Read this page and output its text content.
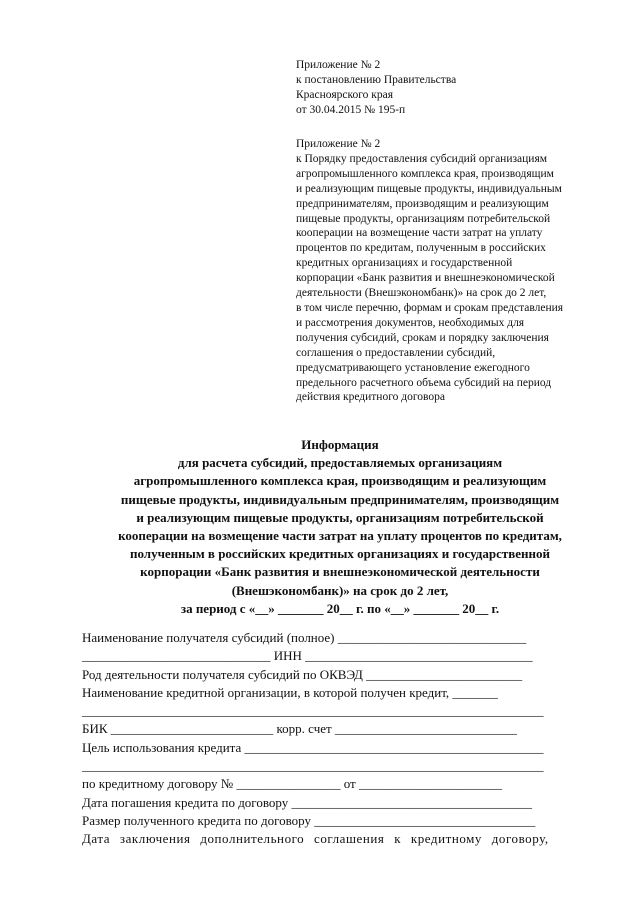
Приложение № 2
к постановлению Правительства
Красноярского края
от 30.04.2015 № 195-п
Приложение № 2
к Порядку предоставления субсидий организациям
агропромышленного комплекса края, производящим
и реализующим пищевые продукты, индивидуальным
предпринимателям, производящим и реализующим
пищевые продукты, организациям потребительской
кооперации на возмещение части затрат на уплату
процентов по кредитам, полученным в российских
кредитных организациях и государственной
корпорации «Банк развития и внешнеэкономической
деятельности (Внешэкономбанк)» на срок до 2 лет,
в том числе перечню, формам и срокам представления
и рассмотрения документов, необходимых для
получения субсидий, срокам и порядку заключения
соглашения о предоставлении субсидий,
предусматривающего установление ежегодного
предельного расчетного объема субсидий на период
действия кредитного договора
Информация
для расчета субсидий, предоставляемых организациям
агропромышленного комплекса края, производящим и реализующим
пищевые продукты, индивидуальным предпринимателям, производящим
и реализующим пищевые продукты, организациям потребительской
кооперации на возмещение части затрат на уплату процентов по кредитам,
полученным в российских кредитных организациях и государственной
корпорации «Банк развития и внешнеэкономической деятельности
(Внешэкономбанк)» на срок до 2 лет,
за период с «__» _______ 20__ г. по «__» _______ 20__ г.
Наименование получателя субсидий (полное) _____________________________
_____________________________ ИНН ___________________________________
Род деятельности получателя субсидий по ОКВЭД ________________________
Наименование кредитной организации, в которой получен кредит, _______
_______________________________________________________________________
БИК _________________________ корр. счет ____________________________
Цель использования кредита ______________________________________________
_______________________________________________________________________
по кредитному договору № ________________ от ______________________
Дата погашения кредита по договору _____________________________________
Размер полученного кредита по договору __________________________________
Дата заключения дополнительного соглашения к кредитному договору,
